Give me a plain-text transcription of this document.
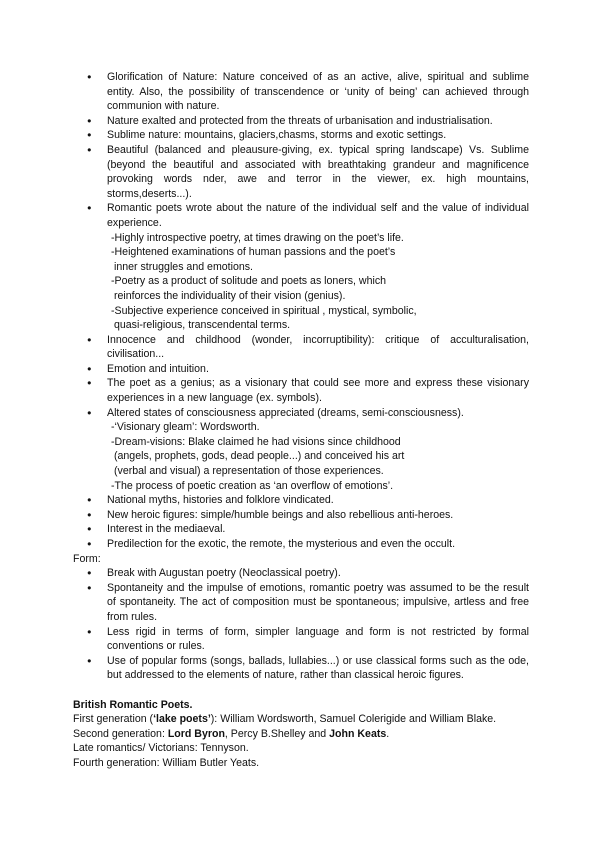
● Glorification of Nature: Nature conceived of as an active, alive, spiritual and sublime entity. Also, the possibility of transcendence or ‘unity of being’ can achieved through communion with nature.
● Nature exalted and protected from the threats of urbanisation and industrialisation.
● Sublime nature: mountains, glaciers,chasms, storms and exotic settings.
● Beautiful (balanced and pleausure-giving, ex. typical spring landscape) Vs. Sublime (beyond the beautiful and associated with breathtaking grandeur and magnificence provoking words nder, awe and terror in the viewer, ex. high mountains, storms,deserts...).
● Romantic poets wrote about the nature of the individual self and the value of individual experience.
-Highly introspective poetry, at times drawing on the poet’s life.
-Heightened examinations of human passions and the poet’s
inner struggles and emotions.
-Poetry as a product of solitude and poets as loners, which
reinforces the individuality of their vision (genius).
-Subjective experience conceived in spiritual , mystical, symbolic,
quasi-religious, transcendental terms.
● Innocence and childhood (wonder, incorruptibility): critique of acculturalisation, civilisation...
● Emotion and intuition.
● The poet as a genius; as a visionary that could see more and express these visionary experiences in a new language (ex. symbols).
● Altered states of consciousness appreciated (dreams, semi-consciousness).
-‘Visionary gleam’: Wordsworth.
-Dream-visions: Blake claimed he had visions since childhood
(angels, prophets, gods, dead people...) and conceived his art
(verbal and visual) a representation of those experiences.
-The process of poetic creation as ‘an overflow of emotions’.
● National myths, histories and folklore vindicated.
● New heroic figures: simple/humble beings and also rebellious anti-heroes.
● Interest in the mediaeval.
● Predilection for the exotic, the remote, the mysterious and even the occult.

Form:

● Break with Augustan poetry (Neoclassical poetry).
● Spontaneity and the impulse of emotions, romantic poetry was assumed to be the result of spontaneity. The act of composition must be spontaneous; impulsive, artless and free from rules.
● Less rigid in terms of form, simpler language and form is not restricted by formal conventions or rules.
● Use of popular forms (songs, ballads, lullabies...) or use classical forms such as the ode, but addressed to the elements of nature, rather than classical heroic figures.

British Romantic Poets.

First generation (‘lake poets’): William Wordsworth, Samuel Colerigide and William Blake.

Second generation: Lord Byron, Percy B.Shelley and John Keats.

Late romantics/ Victorians: Tennyson.

Fourth generation: William Butler Yeats.
